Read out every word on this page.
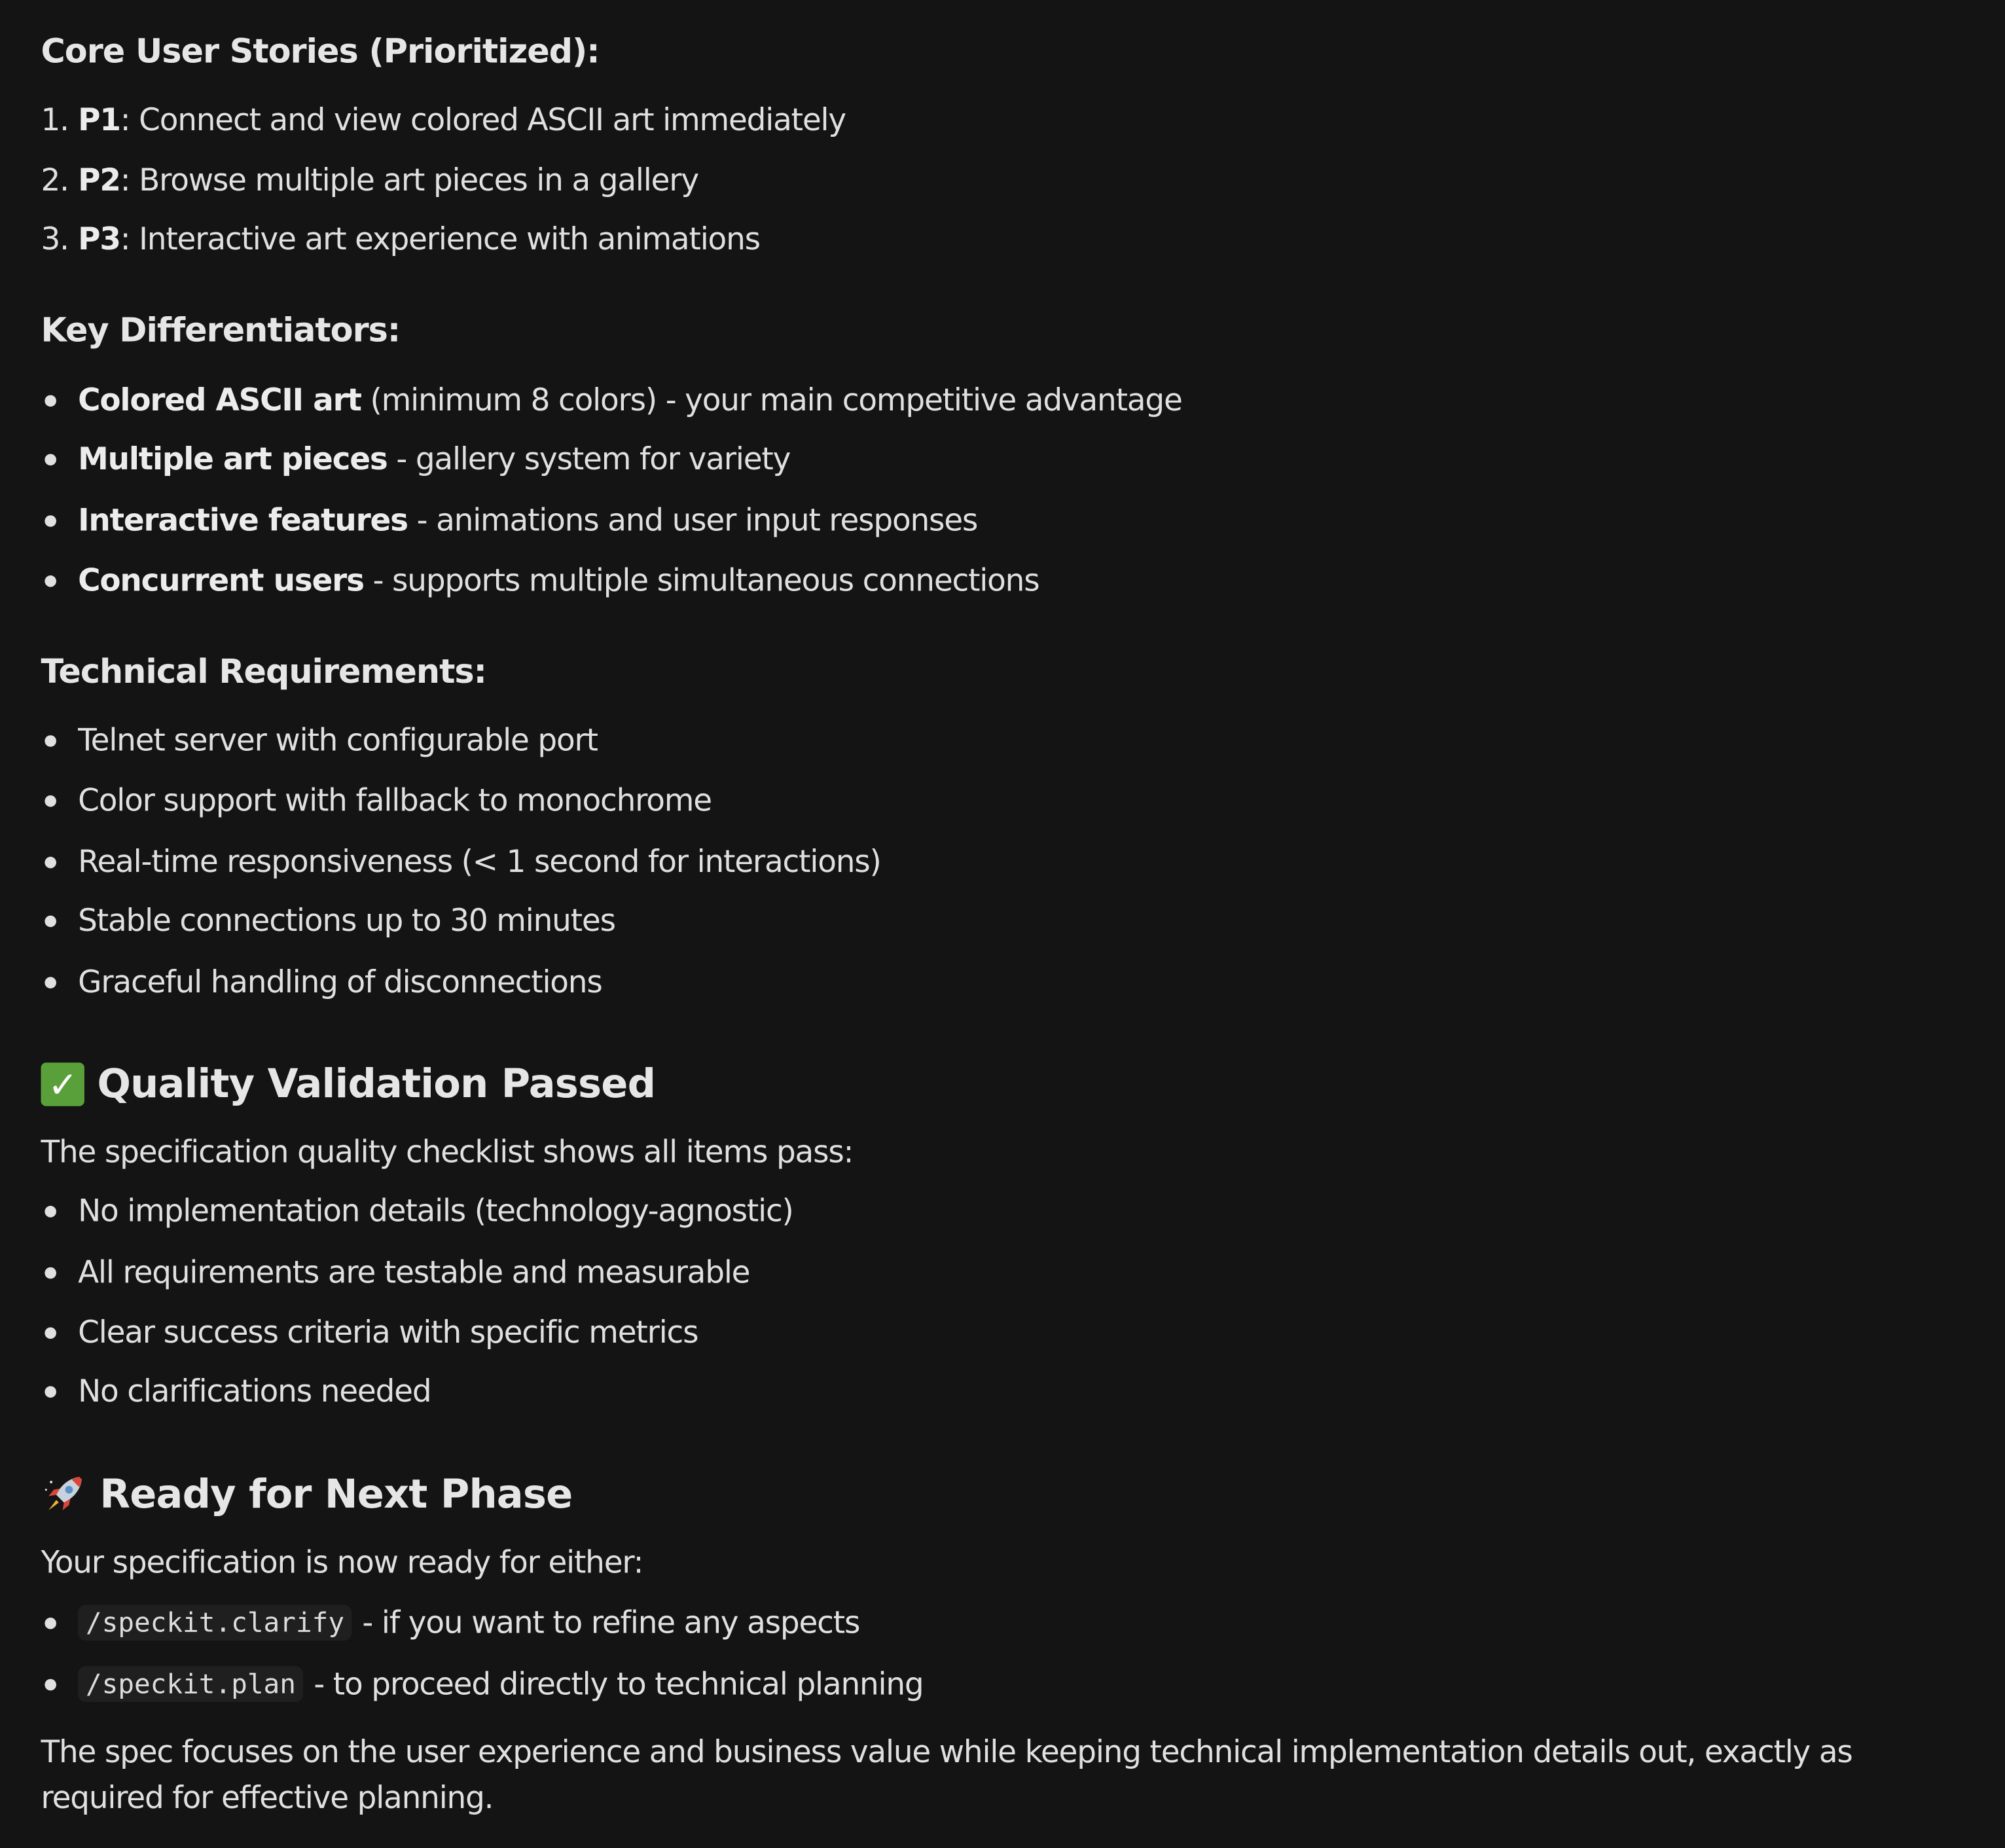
Core User Stories (Prioritized):
1. P1 : Connect and view colored ASCII art immediately
2. P2 : Browse multiple art pieces in a gallery
3. P3 : Interactive art experience with animations
Key Differentiators:
Colored ASCII art (minimum 8 colors) - your main competitive advantage
Multiple art pieces - gallery system for variety
Interactive features - animations and user input responses
Concurrent users - supports multiple simultaneous connections
Technical Requirements:
Telnet server with configurable port
Color support with fallback to monochrome
Real-time responsiveness (< 1 second for interactions)
Stable connections up to 30 minutes
Graceful handling of disconnections
✓ Quality Validation Passed
The specification quality checklist shows all items pass:
No implementation details (technology-agnostic)
All requirements are testable and measurable
Clear success criteria with specific metrics
No clarifications needed
Ready for Next Phase
Your specification is now ready for either:
/speckit.clarify	- if you want to refine any aspects
/speckit.plan	- to proceed directly to technical planning
The spec focuses on the user experience and business value while keeping technical implementation details out, exactly as required for effective planning.
